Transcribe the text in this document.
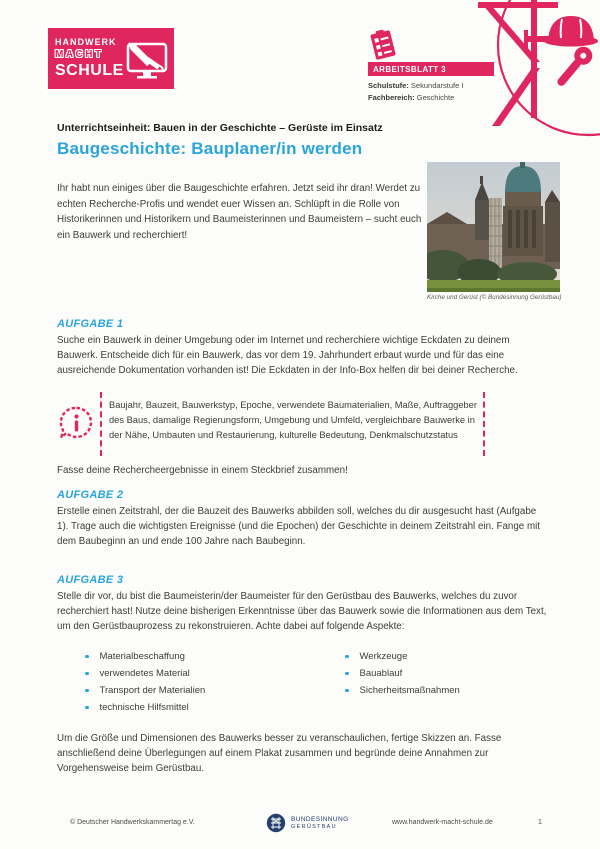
HANDWERK
MACHT
SCHULE	ARBEITSBLATT 3
Schulstufe: Sekundarstufe I
Fachbereich: Geschichte
Unterrichtseinheit: Bauen in der Geschichte – Gerüste im Einsatz
Baugeschichte: Bauplaner/in werden
Ihr habt nun einiges über die Baugeschichte erfahren. Jetzt seid ihr dran! Werdet zu echten Recherche-Profis und wendet euer Wissen an. Schlüpft in die Rolle von Historikerinnen und Historikern und Baumeisterinnen und Baumeistern – sucht euch ein Bauwerk und recherchiert!
Kirche und Gerüst (© Bundesinnung Gerüstbau)
AUFGABE 1
Suche ein Bauwerk in deiner Umgebung oder im Internet und recherchiere wichtige Eckdaten zu deinem Bauwerk. Entscheide dich für ein Bauwerk, das vor dem 19. Jahrhundert erbaut wurde und für das eine ausreichende Dokumentation vorhanden ist! Die Eckdaten in der Info-Box helfen dir bei deiner Recherche.
Baujahr, Bauzeit, Bauwerkstyp, Epoche, verwendete Baumaterialien, Maße, Auftraggeber des Baus, damalige Regierungsform, Umgebung und Umfeld, vergleichbare Bauwerke in der Nähe, Umbauten und Restaurierung, kulturelle Bedeutung, Denkmalschutzstatus
Fasse deine Rechercheergebnisse in einem Steckbrief zusammen!
AUFGABE 2
Erstelle einen Zeitstrahl, der die Bauzeit des Bauwerks abbilden soll, welches du dir ausgesucht hast (Aufgabe 1). Trage auch die wichtigsten Ereignisse (und die Epochen) der Geschichte in deinem Zeitstrahl ein. Fange mit dem Baubeginn an und ende 100 Jahre nach Baubeginn.
AUFGABE 3
Stelle dir vor, du bist die Baumeisterin/der Baumeister für den Gerüstbau des Bauwerks, welches du zuvor recherchiert hast! Nutze deine bisherigen Erkenntnisse über das Bauwerk sowie die Informationen aus dem Text, um den Gerüstbauprozess zu rekonstruieren. Achte dabei auf folgende Aspekte:
Materialbeschaffung
verwendetes Material
Transport der Materialien
technische Hilfsmittel
Werkzeuge
Bauablauf
Sicherheitsmaßnahmen
Um die Größe und Dimensionen des Bauwerks besser zu veranschaulichen, fertige Skizzen an. Fasse anschließend deine Überlegungen auf einem Plakat zusammen und begründe deine Annahmen zur Vorgehensweise beim Gerüstbau.
© Deutscher Handwerkskammertag e.V.	BUNDESINNUNG
GERÜSTBAU
www.handwerk-macht-schule.de	1
